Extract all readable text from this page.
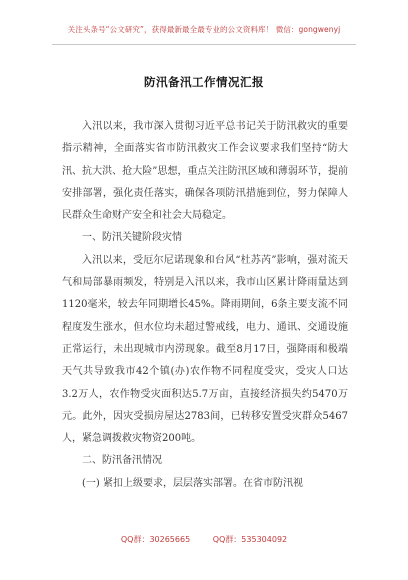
关注头条号“公文研究”，获得最新最全最专业的公文资料库！ 微信：gongwenyj
防汛备汛工作情况汇报

入汛以来，我市深入贯彻习近平总书记关于防汛救灾的重要指示精神，全面落实省市防汛救灾工作会议要求我们坚持“防大汛、抗大洪、抢大险”思想，重点关注防汛区域和薄弱环节，提前安排部署，强化责任落实，确保各项防汛措施到位，努力保障人民群众生命财产安全和社会大局稳定。

一、防汛关键阶段灾情

入汛以来，受厄尔尼诺现象和台风“杜苏芮”影响，强对流天气和局部暴雨频发，特别是入汛以来，我市山区累计降雨量达到1120毫米，较去年同期增长45%。降雨期间，6条主要支流不同程度发生涨水，但水位均未超过警戒线，电力、通讯、交通设施正常运行，未出现城市内涝现象。截至8月17日，强降雨和极端天气共导致我市42个镇(办)农作物不同程度受灾，受灾人口达3.2万人，农作物受灾面积达5.7万亩，直接经济损失约5470万元。此外，因灾受损房屋达2783间，已转移安置受灾群众5467人，紧急调拨救灾物资200吨。

二、防汛备汛情况

(一) 紧扣上级要求，层层落实部署。在省市防汛视

QQ群：30265665	QQ群：535304092
